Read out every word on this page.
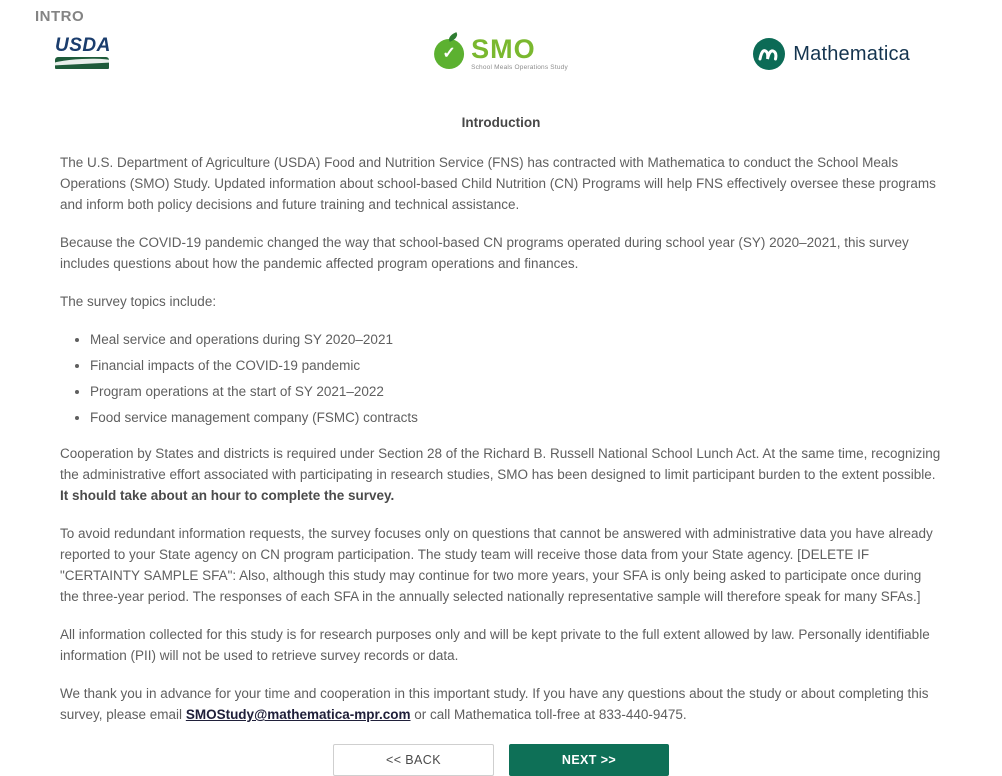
INTRO
USDA	✓ SMO
School Meals Operations Study
Mathematica
Introduction

The U.S. Department of Agriculture (USDA) Food and Nutrition Service (FNS) has contracted with Mathematica to conduct the School Meals Operations (SMO) Study. Updated information about school-based Child Nutrition (CN) Programs will help FNS effectively oversee these programs and inform both policy decisions and future training and technical assistance.

Because the COVID-19 pandemic changed the way that school-based CN programs operated during school year (SY) 2020–2021, this survey includes questions about how the pandemic affected program operations and finances.

The survey topics include:

• Meal service and operations during SY 2020–2021
• Financial impacts of the COVID-19 pandemic
• Program operations at the start of SY 2021–2022
• Food service management company (FSMC) contracts

Cooperation by States and districts is required under Section 28 of the Richard B. Russell National School Lunch Act. At the same time, recognizing the administrative effort associated with participating in research studies, SMO has been designed to limit participant burden to the extent possible. It should take about an hour to complete the survey.

To avoid redundant information requests, the survey focuses only on questions that cannot be answered with administrative data you have already reported to your State agency on CN program participation. The study team will receive those data from your State agency. [DELETE IF "CERTAINTY SAMPLE SFA": Also, although this study may continue for two more years, your SFA is only being asked to participate once during the three-year period. The responses of each SFA in the annually selected nationally representative sample will therefore speak for many SFAs.]

All information collected for this study is for research purposes only and will be kept private to the full extent allowed by law. Personally identifiable information (PII) will not be used to retrieve survey records or data.

We thank you in advance for your time and cooperation in this important study. If you have any questions about the study or about completing this survey, please email SMOStudy@mathematica-mpr.com or call Mathematica toll-free at 833-440-9475.

<< BACK	NEXT >>
